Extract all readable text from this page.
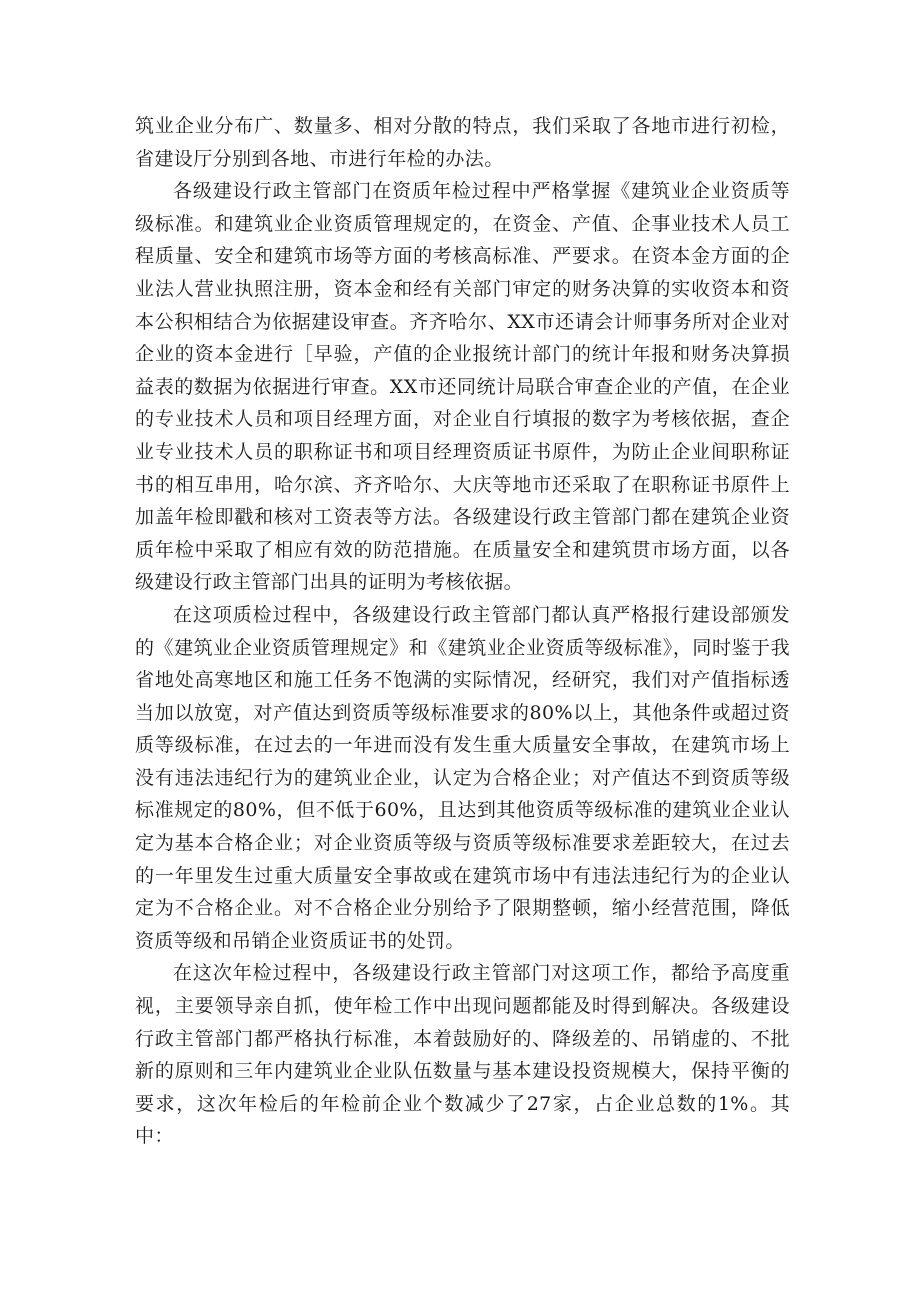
筑业企业分布广、数量多、相对分散的特点，我们采取了各地市进行初检，省建设厅分别到各地、市进行年检的办法。

各级建设行政主管部门在资质年检过程中严格掌握《建筑业企业资质等级标准。和建筑业企业资质管理规定的，在资金、产值、企事业技术人员工程质量、安全和建筑市场等方面的考核高标准、严要求。在资本金方面的企业法人营业执照注册，资本金和经有关部门审定的财务决算的实收资本和资本公积相结合为依据建设审查。齐齐哈尔、XX市还请会计师事务所对企业对企业的资本金进行［早验，产值的企业报统计部门的统计年报和财务决算损益表的数据为依据进行审查。XX市还同统计局联合审查企业的产值，在企业的专业技术人员和项目经理方面，对企业自行填报的数字为考核依据，查企业专业技术人员的职称证书和项目经理资质证书原件，为防止企业间职称证书的相互串用，哈尔滨、齐齐哈尔、大庆等地市还采取了在职称证书原件上加盖年检即戳和核对工资表等方法。各级建设行政主管部门都在建筑企业资质年检中采取了相应有效的防范措施。在质量安全和建筑贯市场方面，以各级建设行政主管部门出具的证明为考核依据。

在这项质检过程中，各级建设行政主管部门都认真严格报行建设部颁发的《建筑业企业资质管理规定》和《建筑业企业资质等级标准》，同时鉴于我省地处高寒地区和施工任务不饱满的实际情况，经研究，我们对产值指标透当加以放宽，对产值达到资质等级标准要求的80%以上，其他条件或超过资质等级标准，在过去的一年进而没有发生重大质量安全事故，在建筑市场上没有违法违纪行为的建筑业企业，认定为合格企业；对产值达不到资质等级标准规定的80%，但不低于60%，且达到其他资质等级标准的建筑业企业认定为基本合格企业；对企业资质等级与资质等级标准要求差距较大，在过去的一年里发生过重大质量安全事故或在建筑市场中有违法违纪行为的企业认定为不合格企业。对不合格企业分别给予了限期整顿，缩小经营范围，降低资质等级和吊销企业资质证书的处罚。

在这次年检过程中，各级建设行政主管部门对这项工作，都给予高度重视，主要领导亲自抓，使年检工作中出现问题都能及时得到解决。各级建设行政主管部门都严格执行标准，本着鼓励好的、降级差的、吊销虚的、不批新的原则和三年内建筑业企业队伍数量与基本建设投资规模大，保持平衡的要求，这次年检后的年检前企业个数减少了27家，占企业总数的1%。其中：
